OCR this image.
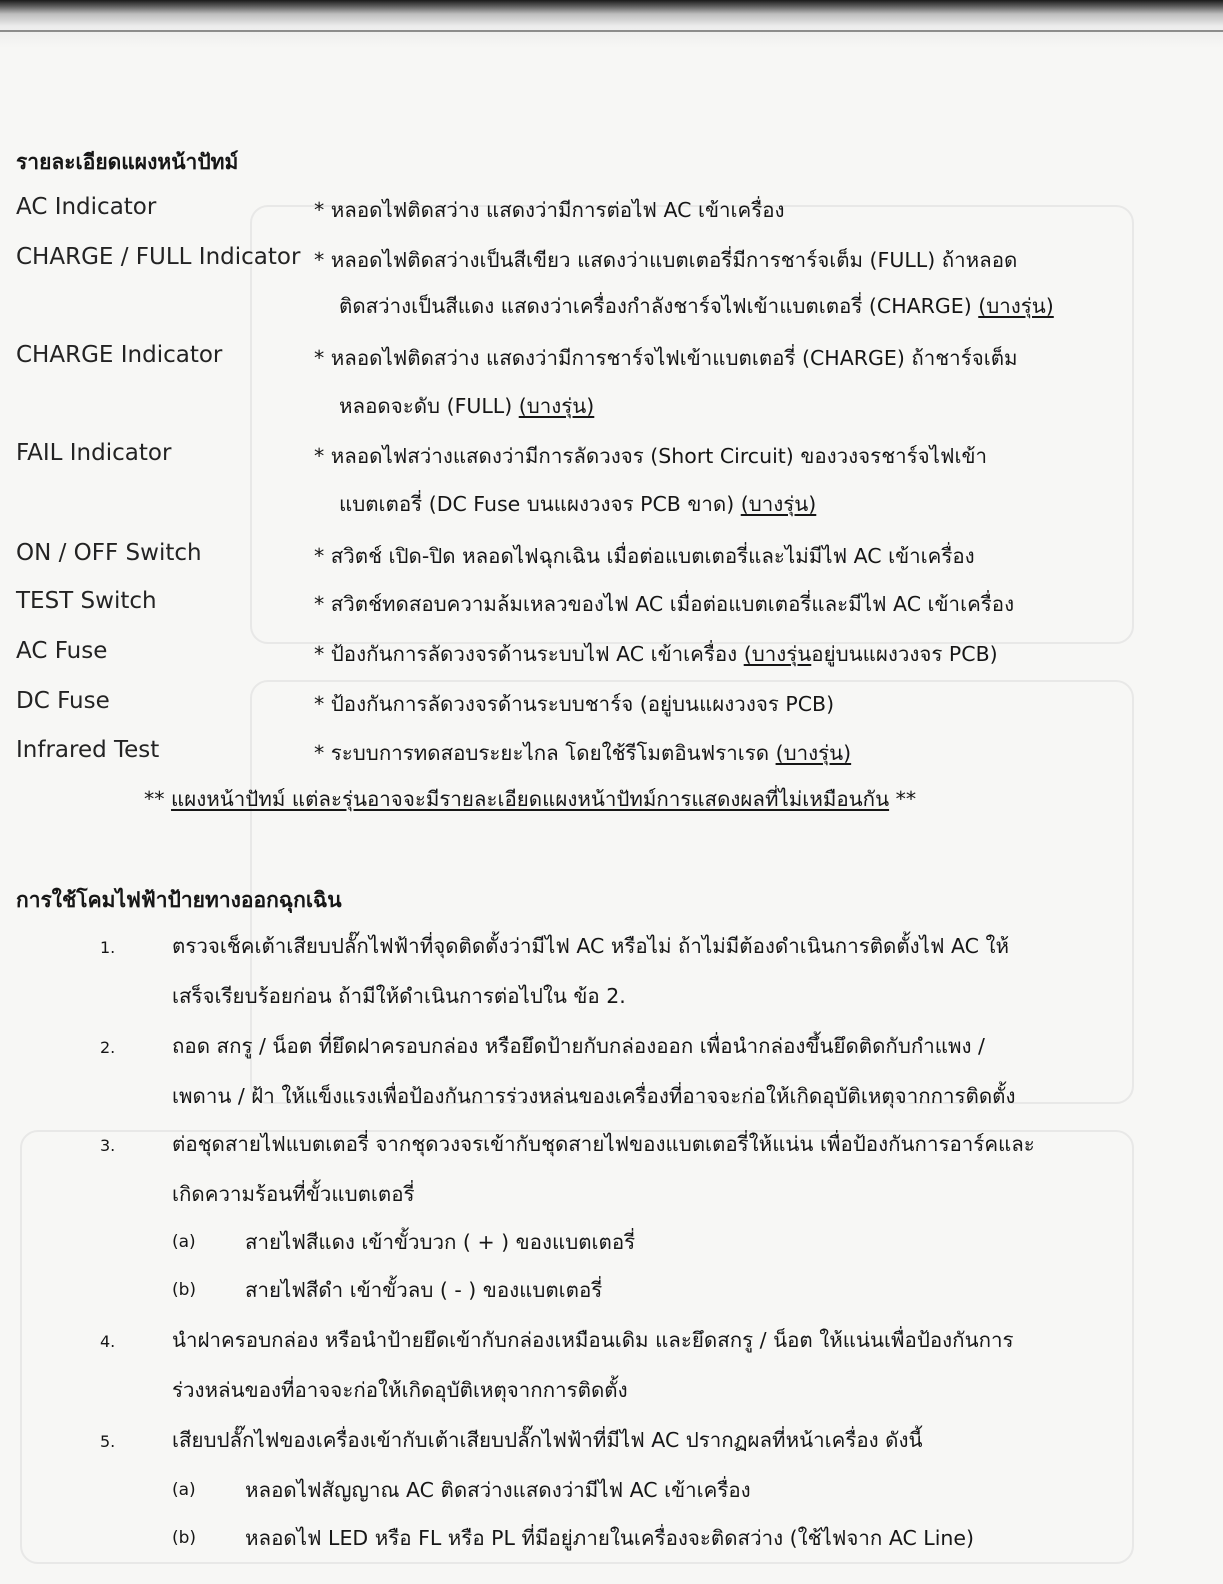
รายละเอียดแผงหน้าปัทม์
AC Indicator	* หลอดไฟติดสว่าง แสดงว่ามีการต่อไฟ AC เข้าเครื่อง
CHARGE / FULL Indicator * หลอดไฟติดสว่างเป็นสีเขียว แสดงว่าแบตเตอรี่มีการชาร์จเต็ม (FULL) ถ้าหลอด
ติดสว่างเป็นสีแดง แสดงว่าเครื่องกำลังชาร์จไฟเข้าแบตเตอรี่ (CHARGE) (บางรุ่น)
CHARGE Indicator	* หลอดไฟติดสว่าง แสดงว่ามีการชาร์จไฟเข้าแบตเตอรี่ (CHARGE) ถ้าชาร์จเต็ม
หลอดจะดับ (FULL) (บางรุ่น)
FAIL Indicator	* หลอดไฟสว่างแสดงว่ามีการลัดวงจร (Short Circuit) ของวงจรชาร์จไฟเข้า
แบตเตอรี่ (DC Fuse บนแผงวงจร PCB ขาด) (บางรุ่น)
ON / OFF Switch	* สวิตช์ เปิด-ปิด หลอดไฟฉุกเฉิน เมื่อต่อแบตเตอรี่และไม่มีไฟ AC เข้าเครื่อง
TEST Switch	* สวิตช์ทดสอบความล้มเหลวของไฟ AC เมื่อต่อแบตเตอรี่และมีไฟ AC เข้าเครื่อง
AC Fuse	* ป้องกันการลัดวงจรด้านระบบไฟ AC เข้าเครื่อง (บางรุ่นอยู่บนแผงวงจร PCB)
DC Fuse	* ป้องกันการลัดวงจรด้านระบบชาร์จ (อยู่บนแผงวงจร PCB)
Infrared Test	* ระบบการทดสอบระยะไกล โดยใช้รีโมตอินฟราเรด (บางรุ่น)
** แผงหน้าปัทม์ แต่ละรุ่นอาจจะมีรายละเอียดแผงหน้าปัทม์การแสดงผลที่ไม่เหมือนกัน **
การใช้โคมไฟฟ้าป้ายทางออกฉุกเฉิน
1.	ตรวจเช็คเต้าเสียบปลั๊กไฟฟ้าที่จุดติดตั้งว่ามีไฟ AC หรือไม่ ถ้าไม่มีต้องดำเนินการติดตั้งไฟ AC ให้
เสร็จเรียบร้อยก่อน ถ้ามีให้ดำเนินการต่อไปใน ข้อ 2.
2.	ถอด สกรู / น็อต ที่ยึดฝาครอบกล่อง หรือยึดป้ายกับกล่องออก เพื่อนำกล่องขึ้นยึดติดกับกำแพง /
เพดาน / ฝ้า ให้แข็งแรงเพื่อป้องกันการร่วงหล่นของเครื่องที่อาจจะก่อให้เกิดอุบัติเหตุจากการติดตั้ง
3.	ต่อชุดสายไฟแบตเตอรี่ จากชุดวงจรเข้ากับชุดสายไฟของแบตเตอรี่ให้แน่น เพื่อป้องกันการอาร์คและ
เกิดความร้อนที่ขั้วแบตเตอรี่
(a) สายไฟสีแดง เข้าขั้วบวก ( + ) ของแบตเตอรี่
(b) สายไฟสีดำ เข้าขั้วลบ ( - ) ของแบตเตอรี่
4.	นำฝาครอบกล่อง หรือนำป้ายยึดเข้ากับกล่องเหมือนเดิม และยึดสกรู / น็อต ให้แน่นเพื่อป้องกันการ
ร่วงหล่นของที่อาจจะก่อให้เกิดอุบัติเหตุจากการติดตั้ง
5.	เสียบปลั๊กไฟของเครื่องเข้ากับเต้าเสียบปลั๊กไฟฟ้าที่มีไฟ AC ปรากฏผลที่หน้าเครื่อง ดังนี้
(a) หลอดไฟสัญญาณ AC ติดสว่างแสดงว่ามีไฟ AC เข้าเครื่อง
(b) หลอดไฟ LED หรือ FL หรือ PL ที่มีอยู่ภายในเครื่องจะติดสว่าง (ใช้ไฟจาก AC Line)
